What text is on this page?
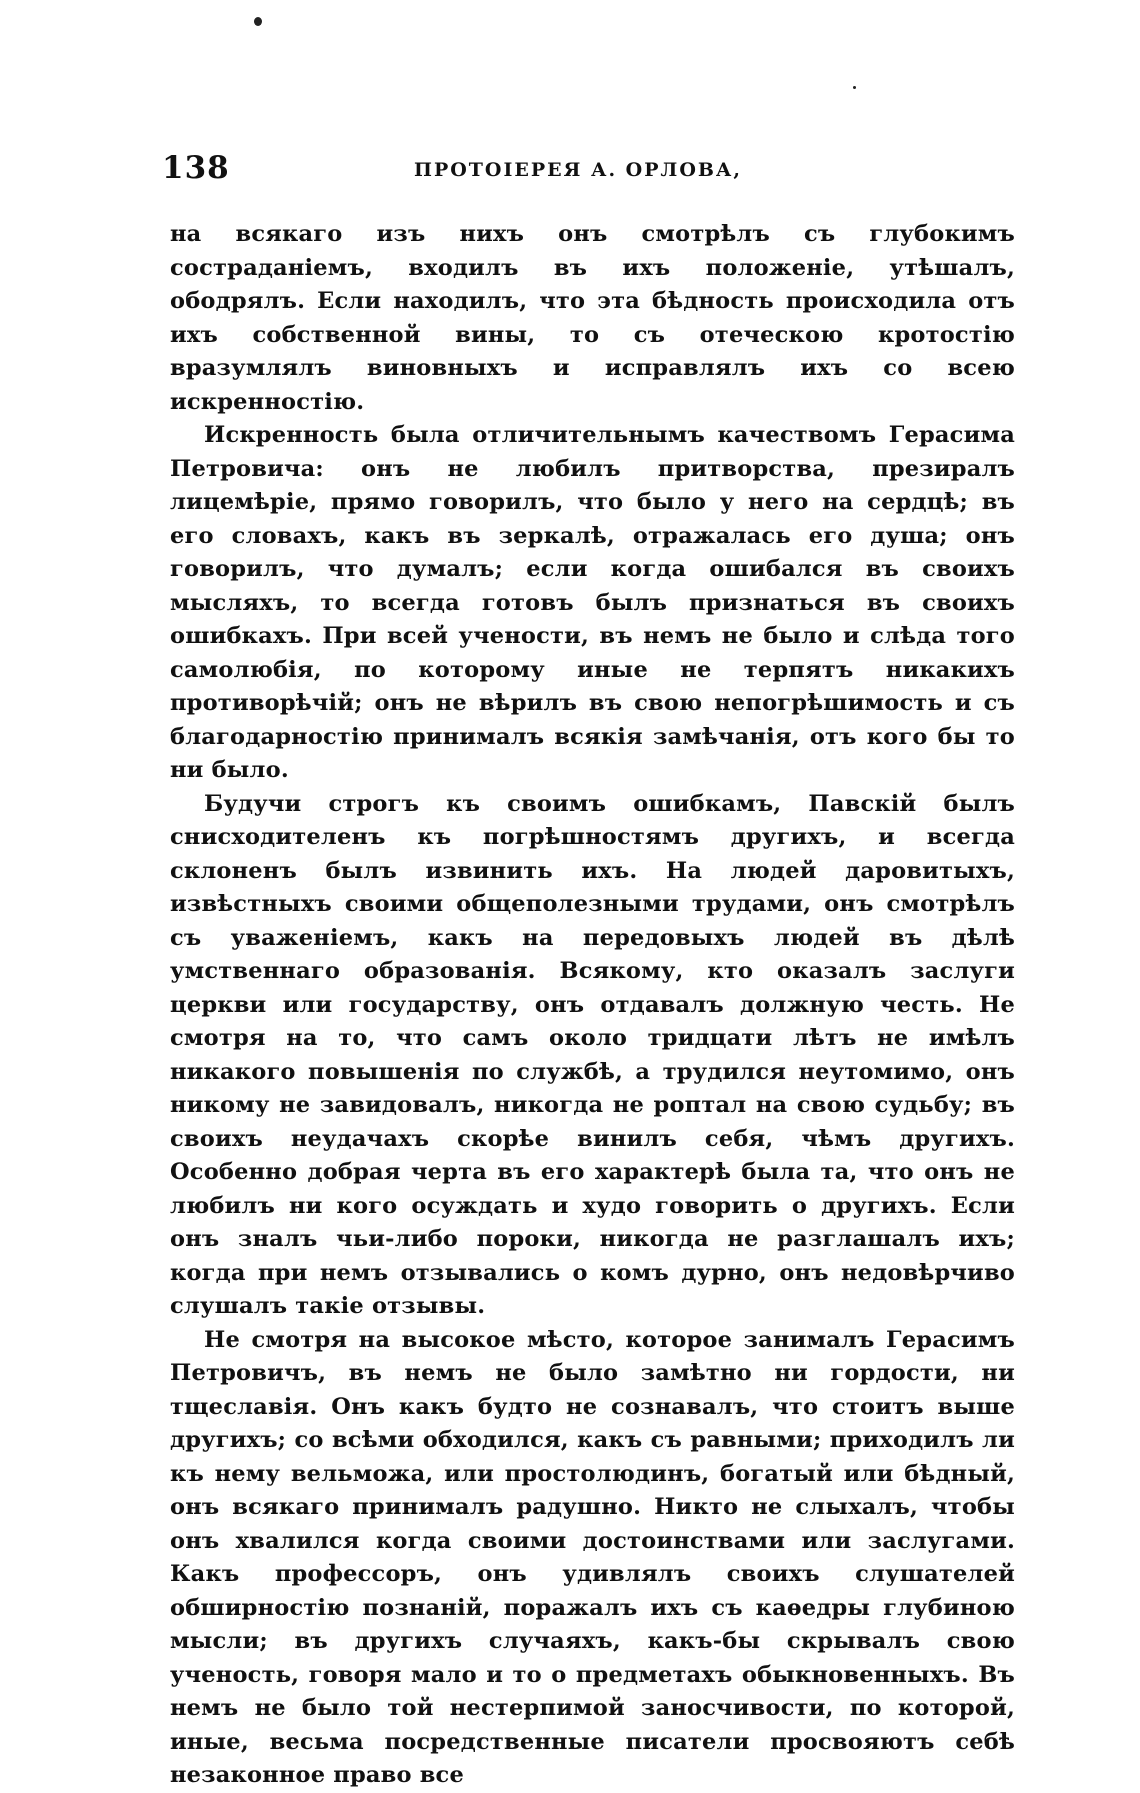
138	ПРОТОІЕРЕЯ А. ОРЛОВА,

на всякаго изъ нихъ онъ смотрѣлъ съ глубокимъ состраданіемъ, входилъ въ ихъ положеніе, утѣшалъ, ободрялъ. Если находилъ, что эта бѣдность происходила отъ ихъ собственной вины, то съ отеческою кротостію вразумлялъ виновныхъ и исправлялъ ихъ со всею искренностію.

Искренность была отличительнымъ качествомъ Герасима Петровича: онъ не любилъ притворства, презиралъ лицемѣріе, прямо говорилъ, что было у него на сердцѣ; въ его словахъ, какъ въ зеркалѣ, отражалась его душа; онъ говорилъ, что думалъ; если когда ошибался въ своихъ мысляхъ, то всегда готовъ былъ признаться въ своихъ ошибкахъ. При всей учености, въ немъ не было и слѣда того самолюбія, по которому иные не терпятъ никакихъ противорѣчій; онъ не вѣрилъ въ свою непогрѣшимость и съ благодарностію принималъ всякія замѣчанія, отъ кого бы то ни было.

Будучи строгъ къ своимъ ошибкамъ, Павскій былъ снисходителенъ къ погрѣшностямъ другихъ, и всегда склоненъ былъ извинить ихъ. На людей даровитыхъ, извѣстныхъ своими общеполезными трудами, онъ смотрѣлъ съ уваженіемъ, какъ на передовыхъ людей въ дѣлѣ умственнаго образованія. Всякому, кто оказалъ заслуги церкви или государству, онъ отдавалъ должную честь. Не смотря на то, что самъ около тридцати лѣтъ не имѣлъ никакого повышенія по службѣ, а трудился неутомимо, онъ никому не завидовалъ, никогда не роптал на свою судьбу; въ своихъ неудачахъ скорѣе винилъ себя, чѣмъ другихъ. Особенно добрая черта въ его характерѣ была та, что онъ не любилъ ни кого осуждать и худо говорить о другихъ. Если онъ зналъ чьи-либо пороки, никогда не разглашалъ ихъ; когда при немъ отзывались о комъ дурно, онъ недовѣрчиво слушалъ такіе отзывы.

Не смотря на высокое мѣсто, которое занималъ Герасимъ Петровичъ, въ немъ не было замѣтно ни гордости, ни тщеславія. Онъ какъ будто не сознавалъ, что стоитъ выше другихъ; со всѣми обходился, какъ съ равными; приходилъ ли къ нему вельможа, или простолюдинъ, богатый или бѣдный, онъ всякаго принималъ радушно. Никто не слыхалъ, чтобы онъ хвалился когда своими достоинствами или заслугами. Какъ профессоръ, онъ удивлялъ своихъ слушателей обширностію познаній, поражалъ ихъ съ каѳедры глубиною мысли; въ другихъ случаяхъ, какъ-бы скрывалъ свою ученость, говоря мало и то о предметахъ обыкновенныхъ. Въ немъ не было той нестерпимой заносчивости, по которой, иные, весьма посредственные писатели просвояютъ себѣ незаконное право все
